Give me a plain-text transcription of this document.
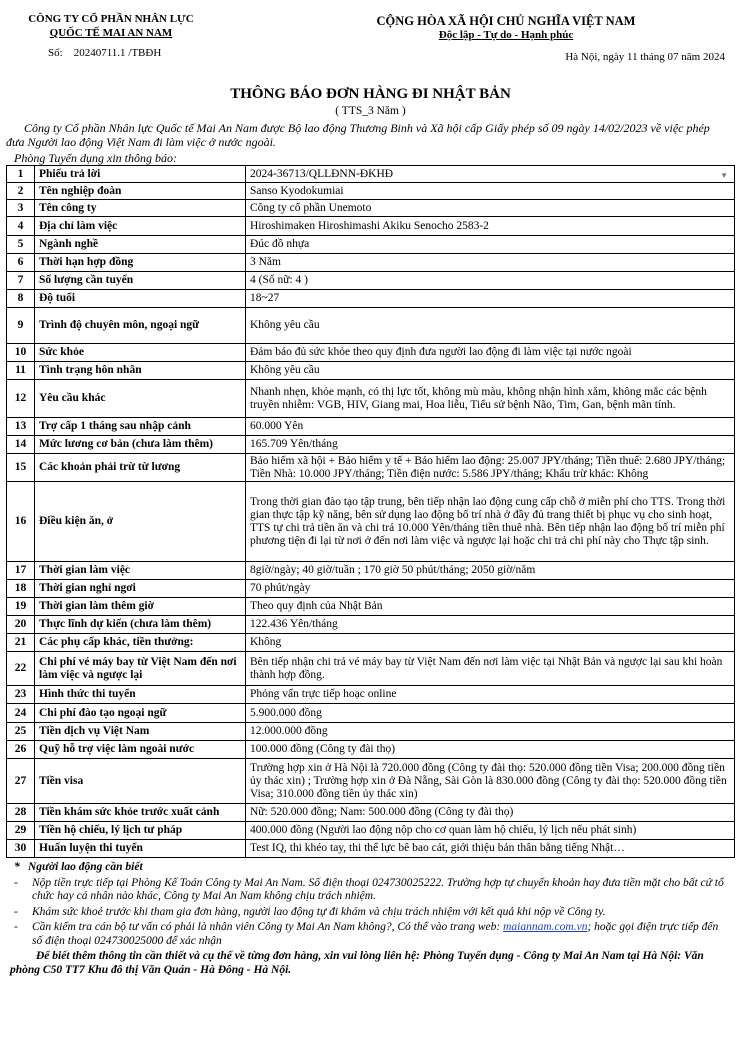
CÔNG TY CỔ PHẦN NHÂN LỰC
QUỐC TẾ MAI AN NAM
Số: 20240711.1 /TBĐH
CỘNG HÒA XÃ HỘI CHỦ NGHĨA VIỆT NAM
Độc lập - Tự do - Hạnh phúc
Hà Nội, ngày 11 tháng 07 năm 2024
THÔNG BÁO ĐƠN HÀNG ĐI NHẬT BẢN
( TTS_3 Năm )
Công ty Cổ phần Nhân lực Quốc tế Mai An Nam được Bộ lao động Thương Binh và Xã hội cấp Giấy phép số 09 ngày 14/02/2023 về việc phép đưa Người lao động Việt Nam đi làm việc ở nước ngoài.
Phòng Tuyển dụng xin thông báo:
1	Phiếu trả lời	2024-36713/QLLĐNN-ĐKHĐ ▼

2	Tên nghiệp đoàn	Sanso Kyodokumiai
3	Tên công ty	Công ty cổ phần Unemoto
4	Địa chỉ làm việc	Hiroshimaken Hiroshimashi Akiku Senocho 2583-2
5	Ngành nghề	Đúc đồ nhựa
6	Thời hạn hợp đồng	3 Năm
7	Số lượng cần tuyển	4 (Số nữ: 4 )
8	Độ tuổi	18~27
9	Trình độ chuyên môn, ngoại ngữ	Không yêu cầu
10	Sức khỏe	Đảm bảo đủ sức khỏe theo quy định đưa người lao động đi làm việc tại nước ngoài
11	Tình trạng hôn nhân	Không yêu cầu
12	Yêu cầu khác	Nhanh nhẹn, khỏe mạnh, có thị lực tốt, không mù màu, không nhận hình xăm, không mắc các bệnh truyền nhiễm: VGB, HIV, Giang mai, Hoa liễu, Tiểu sử bệnh Não, Tim, Gan, bệnh mãn tính.
13	Trợ cấp 1 tháng sau nhập cảnh	60.000 Yên
14	Mức lương cơ bản (chưa làm thêm)	165.709 Yên/tháng
15	Các khoản phải trừ từ lương	Bảo hiểm xã hội + Bảo hiểm y tế + Bảo hiểm lao động: 25.007 JPY/tháng; Tiền thuế: 2.680 JPY/tháng; Tiền Nhà: 10.000 JPY/tháng; Tiền điện nước: 5.586 JPY/tháng; Khấu trừ khác: Không
16	Điều kiện ăn, ở	Trong thời gian đào tạo tập trung, bên tiếp nhận lao động cung cấp chỗ ở miễn phí cho TTS. Trong thời gian thực tập kỹ năng, bên sử dụng lao động bố trí nhà ở đầy đủ trang thiết bị phục vụ cho sinh hoạt, TTS tự chi trả tiền ăn và chi trả 10.000 Yên/tháng tiền thuê nhà. Bên tiếp nhận lao động bố trí miễn phí phương tiện đi lại từ nơi ở đến nơi làm việc và ngược lại hoặc chi trả chi phí này cho Thực tập sinh.
17	Thời gian làm việc	8giờ/ngày; 40 giờ/tuần ; 170 giờ 50 phút/tháng; 2050 giờ/năm
18	Thời gian nghỉ ngơi	70 phút/ngày
19	Thời gian làm thêm giờ	Theo quy định của Nhật Bản
20	Thực lĩnh dự kiến (chưa làm thêm)	122.436 Yên/tháng
21	Các phụ cấp khác, tiền thưởng:	Không
22	Chi phí vé máy bay từ Việt Nam đến nơi làm việc và ngược lại	Bên tiếp nhận chi trả vé máy bay từ Việt Nam đến nơi làm việc tại Nhật Bản và ngược lại sau khi hoàn thành hợp đồng.
23	Hình thức thi tuyển	Phỏng vấn trực tiếp hoạc online
24	Chi phí đào tạo ngoại ngữ	5.900.000 đồng
25	Tiền dịch vụ Việt Nam	12.000.000 đồng
26	Quỹ hỗ trợ việc làm ngoài nước	100.000 đồng (Công ty đài thọ)
27	Tiền visa	Trường hợp xin ở Hà Nội là 720.000 đồng (Công ty đài thọ: 520.000 đồng tiền Visa; 200.000 đồng tiền ủy thác xin) ; Trường hợp xin ở Đà Nẵng, Sài Gòn là 830.000 đồng (Công ty đài thọ: 520.000 đồng tiền Visa; 310.000 đồng tiền ủy thác xin)
28	Tiền khám sức khỏe trước xuất cảnh	Nữ: 520.000 đồng; Nam: 500.000 đồng (Công ty đài thọ)
29	Tiền hộ chiếu, lý lịch tư pháp	400.000 đồng (Người lao động nộp cho cơ quan làm hộ chiếu, lý lịch nếu phát sinh)
30	Huấn luyện thi tuyển	Test IQ, thi khéo tay, thi thể lực bê bao cát, giới thiệu bản thân bằng tiếng Nhật…
* Người lao động cần biết
-	Nộp tiền trực tiếp tại Phòng Kế Toán Công ty Mai An Nam. Số điện thoại 024730025222. Trường hợp tự chuyển khoản hay đưa tiền mặt cho bất cứ tổ chức hay cá nhân nào khác, Công ty Mai An Nam không chịu trách nhiệm.
-	Khám sức khoẻ trước khi tham gia đơn hàng, người lao động tự đi khám và chịu trách nhiệm với kết quả khi nộp về Công ty.
-	Cần kiểm tra cán bộ tư vấn có phải là nhân viên Công ty Mai An Nam không?, Có thể vào trang web: maiannam.com.vn; hoặc gọi điện trực tiếp đến số điện thoại 024730025000 để xác nhận
Để biết thêm thông tin cần thiết và cụ thể về từng đơn hàng, xin vui lòng liên hệ: Phòng Tuyển dụng - Công ty Mai An Nam tại Hà Nội: Văn phòng C50 TT7 Khu đô thị Văn Quán - Hà Đông - Hà Nội.
